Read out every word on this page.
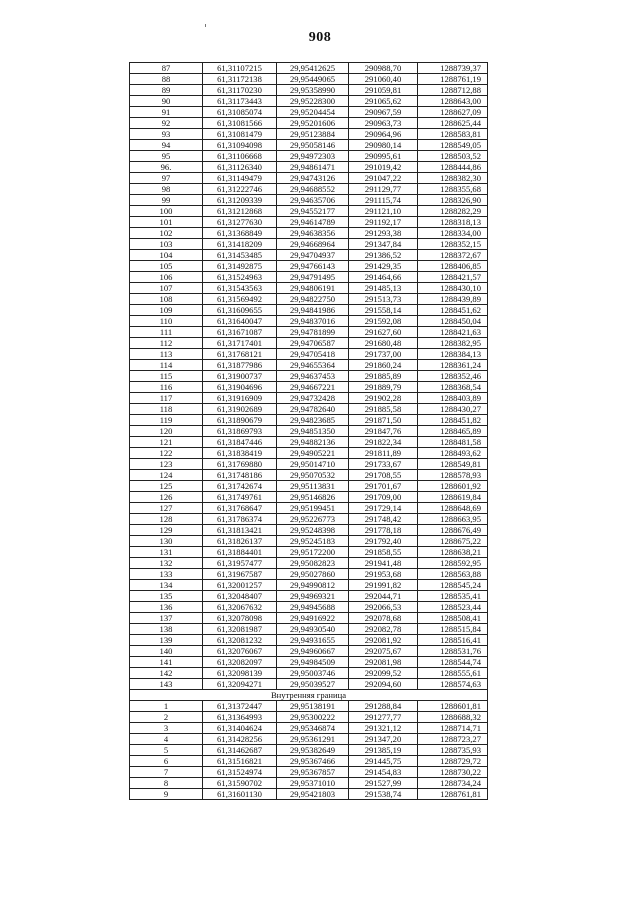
908
87	61,31107215	29,95412625	290988,70	1288739,37
88	61,31172138	29,95449065	291060,40	1288761,19
89	61,31170230	29,95358990	291059,81	1288712,88
90	61,31173443	29,95228300	291065,62	1288643,00
91	61,31085074	29,95204454	290967,59	1288627,09
92	61,31081566	29,95201606	290963,73	1288625,44
93	61,31081479	29,95123884	290964,96	1288583,81
94	61,31094098	29,95058146	290980,14	1288549,05
95	61,31106668	29,94972303	290995,61	1288503,52
96.	61,31126340	29,94861471	291019,42	1288444,86
97	61,31149479	29,94743126	291047,22	1288382,30
98	61,31222746	29,94688552	291129,77	1288355,68
99	61,31209339	29,94635706	291115,74	1288326,90
100	61,31212868	29,94552177	291121,10	1288282,29
101	61,31277630	29,94614789	291192,17	1288318,13
102	61,31368849	29,94638356	291293,38	1288334,00
103	61,31418209	29,94668964	291347,84	1288352,15
104	61,31453485	29,94704937	291386,52	1288372,67
105	61,31492875	29,94766143	291429,35	1288406,85
106	61,31524963	29,94791495	291464,66	1288421,57
107	61,31543563	29,94806191	291485,13	1288430,10
108	61,31569492	29,94822750	291513,73	1288439,89
109	61,31609655	29,94841986	291558,14	1288451,62
110	61,31640047	29,94837016	291592,08	1288450,04
111	61,31671087	29,94781899	291627,60	1288421,63
112	61,31717401	29,94706587	291680,48	1288382,95
113	61,31768121	29,94705418	291737,00	1288384,13
114	61,31877986	29,94655364	291860,24	1288361,24
115	61,31900737	29,94637453	291885,89	1288352,46
116	61,31904696	29,94667221	291889,79	1288368,54
117	61,31916909	29,94732428	291902,28	1288403,89
118	61,31902689	29,94782640	291885,58	1288430,27
119	61,31890679	29,94823685	291871,50	1288451,82
120	61,31869793	29,94851350	291847,76	1288465,89
121	61,31847446	29,94882136	291822,34	1288481,58
122	61,31838419	29,94905221	291811,89	1288493,62
123	61,31769880	29,95014710	291733,67	1288549,81
124	61,31748186	29,95070532	291708,55	1288578,93
125	61,31742674	29,95113831	291701,67	1288601,92
126	61,31749761	29,95146826	291709,00	1288619,84
127	61,31768647	29,95199451	291729,14	1288648,69
128	61,31786374	29,95226773	291748,42	1288663,95
129	61,31813421	29,95248398	291778,18	1288676,49
130	61,31826137	29,95245183	291792,40	1288675,22
131	61,31884401	29,95172200	291858,55	1288638,21
132	61,31957477	29,95082823	291941,48	1288592,95
133	61,31967587	29,95027860	291953,68	1288563,88
134	61,32001257	29,94990812	291991,82	1288545,24
135	61,32048407	29,94969321	292044,71	1288535,41
136	61,32067632	29,94945688	292066,53	1288523,44
137	61,32078098	29,94916922	292078,68	1288508,41
138	61,32081987	29,94930540	292082,78	1288515,84
139	61,32081232	29,94931655	292081,92	1288516,41
140	61,32076067	29,94960667	292075,67	1288531,76
141	61,32082097	29,94984509	292081,98	1288544,74
142	61,32098139	29,95003746	292099,52	1288555,61
143	61,32094271	29,95039527	292094,60	1288574,63
Внутренняя граница				
1	61,31372447	29,95138191	291288,84	1288601,81
2	61,31364993	29,95300222	291277,77	1288688,32
3	61,31404624	29,95346874	291321,12	1288714,71
4	61,31428256	29,95361291	291347,20	1288723,27
5	61,31462687	29,95382649	291385,19	1288735,93
6	61,31516821	29,95367466	291445,75	1288729,72
7	61,31524974	29,95367857	291454,83	1288730,22
8	61,31590702	29,95371010	291527,99	1288734,24
9	61,31601130	29,95421803	291538,74	1288761,81
